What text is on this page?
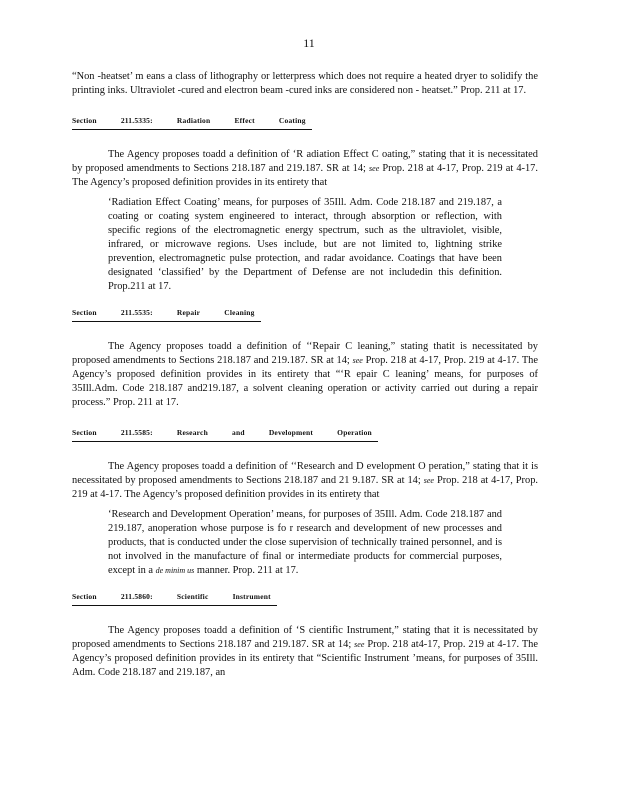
11

“Non -heatset’ m eans a class of lithography or letterpress which does not require a heated dryer to solidify the printing inks. Ultraviolet -cured and electron beam -cured inks are considered non - heatset.” Prop. 211 at 17.

Section	211.5335:	Radiation	Effect	Coating

The Agency proposes toadd a definition of ‘R adiation Effect C oating,” stating that it is necessitated by proposed amendments to Sections 218.187 and 219.187. SR at 14; see Prop. 218 at 4-17, Prop. 219 at 4-17. The Agency’s proposed definition provides in its entirety that

‘Radiation Effect Coating’ means, for purposes of 35Ill. Adm. Code 218.187 and 219.187, a coating or coating system engineered to interact, through absorption or reflection, with specific regions of the electromagnetic energy spectrum, such as the ultraviolet, visible, infrared, or microwave regions. Uses include, but are not limited to, lightning strike prevention, electromagnetic pulse protection, and radar avoidance. Coatings that have been designated ‘classified’ by the Department of Defense are not includedin this definition. Prop.211 at 17.

Section	211.5535:	Repair	Cleaning

The Agency proposes toadd a definition of ‘‘Repair C leaning,” stating thatit is necessitated by proposed amendments to Sections 218.187 and 219.187. SR at 14; see Prop. 218 at 4-17, Prop. 219 at 4-17. The Agency’s proposed definition provides in its entirety that “‘R epair C leaning’ means, for purposes of 35Ill.Adm. Code 218.187 and219.187, a solvent cleaning operation or activity carried out during a repair process.” Prop. 211 at 17.

Section	211.5585:	Research	and	Development	Operation

The Agency proposes toadd a definition of ‘‘Research and D evelopment O peration,” stating that it is necessitated by proposed amendments to Sections 218.187 and 21 9.187. SR at 14; see Prop. 218 at 4-17, Prop. 219 at 4-17. The Agency’s proposed definition provides in its entirety that

‘Research and Development Operation’ means, for purposes of 35Ill. Adm. Code 218.187 and 219.187, anoperation whose purpose is fo r research and development of new processes and products, that is conducted under the close supervision of technically trained personnel, and is not involved in the manufacture of final or intermediate products for commercial purposes, except in a de minim us manner. Prop. 211 at 17.

Section	211.5860:	Scientific	Instrument

The Agency proposes toadd a definition of ‘S cientific Instrument,” stating that it is necessitated by proposed amendments to Sections 218.187 and 219.187. SR at 14; see Prop. 218 at4-17, Prop. 219 at 4-17. The Agency’s proposed definition provides in its entirety that “Scientific Instrument ’means, for purposes of 35Ill. Adm. Code 218.187 and 219.187, an
